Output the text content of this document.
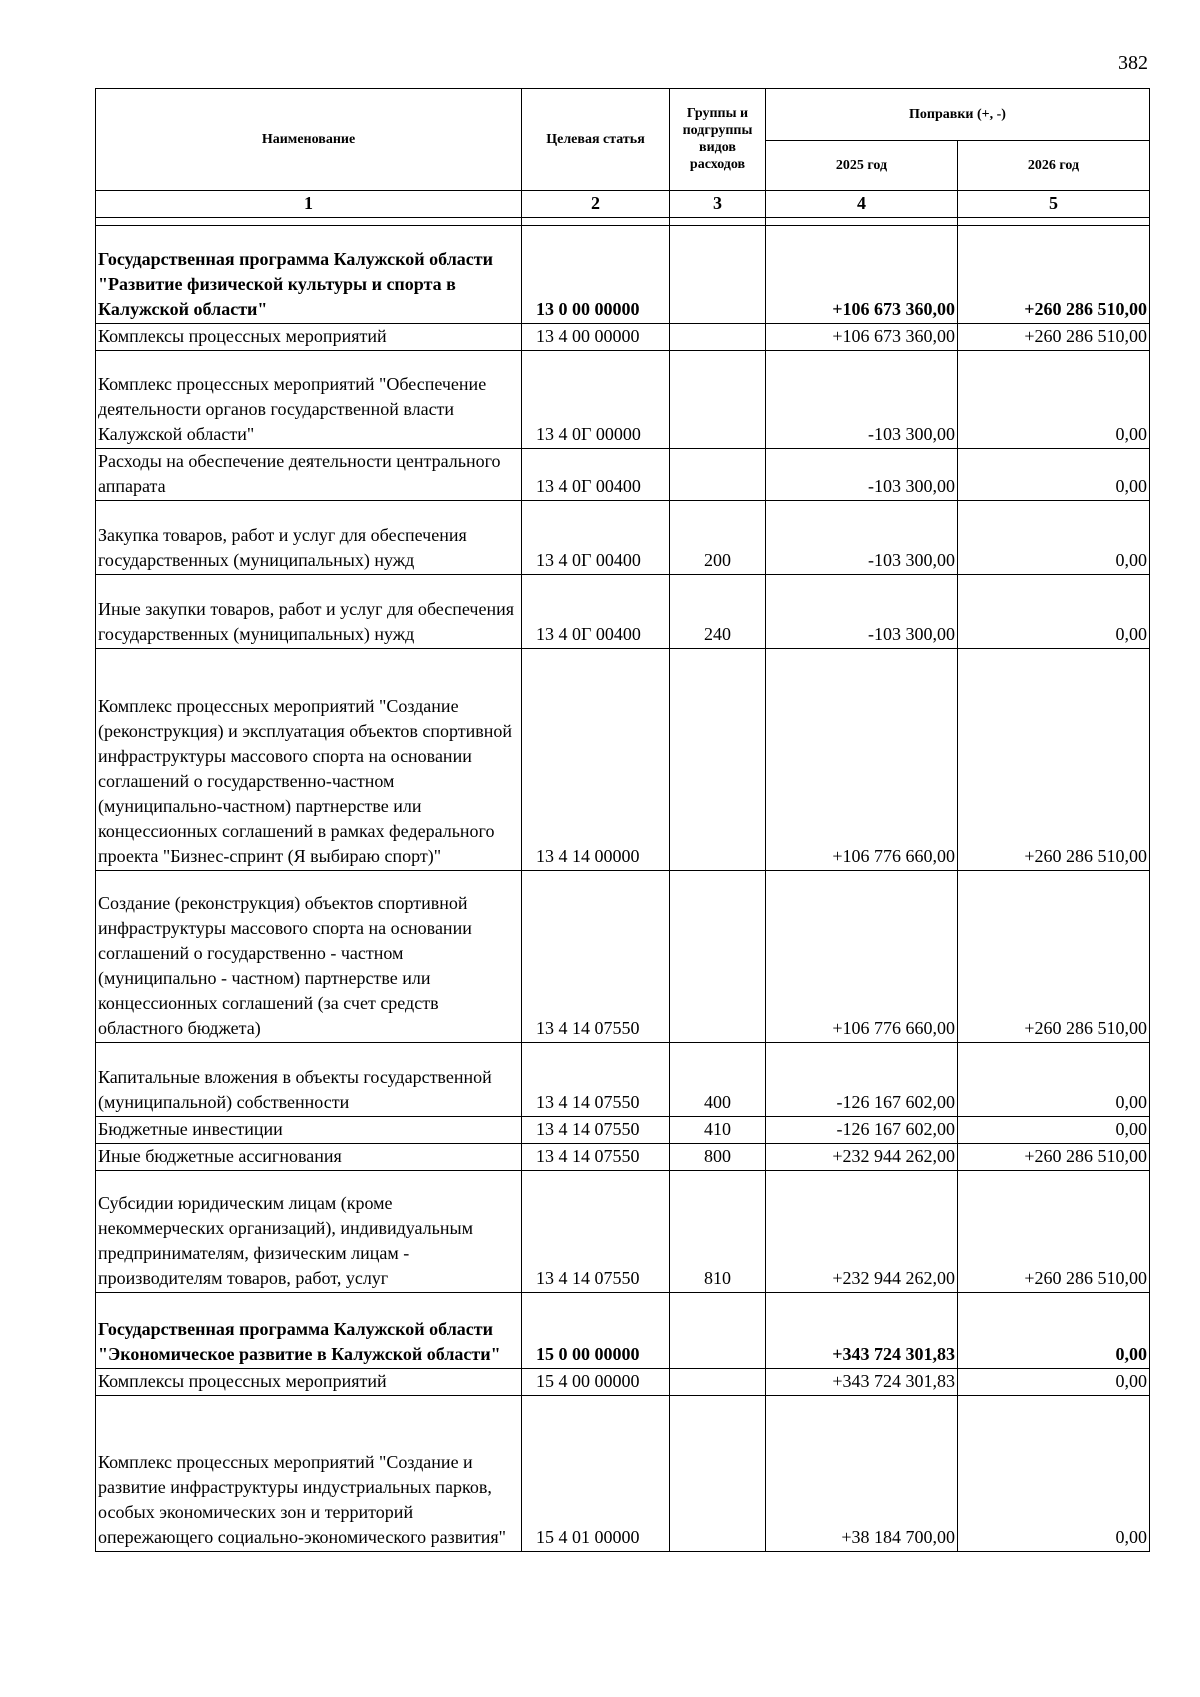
382
Наименование	Целевая статья	Группы и подгруппы видов расходов	Поправки (+, -)	
			2025 год	2026 год
1	2	3	4	5

Государственная программа Калужской области "Развитие физической культуры и спорта в Калужской области"	13 0 00 00000		+106 673 360,00	+260 286 510,00
Комплексы процессных мероприятий	13 4 00 00000		+106 673 360,00	+260 286 510,00
Комплекс процессных мероприятий "Обеспечение деятельности органов государственной власти Калужской области"	13 4 0Г 00000		-103 300,00	0,00
Расходы на обеспечение деятельности центрального аппарата	13 4 0Г 00400		-103 300,00	0,00
Закупка товаров, работ и услуг для обеспечения государственных (муниципальных) нужд	13 4 0Г 00400	200	-103 300,00	0,00
Иные закупки товаров, работ и услуг для обеспечения государственных (муниципальных) нужд	13 4 0Г 00400	240	-103 300,00	0,00
Комплекс процессных мероприятий "Создание (реконструкция) и эксплуатация объектов спортивной инфраструктуры массового спорта на основании соглашений о государственно-частном (муниципально-частном) партнерстве или концессионных соглашений в рамках федерального проекта "Бизнес-спринт (Я выбираю спорт)"	13 4 14 00000		+106 776 660,00	+260 286 510,00
Создание (реконструкция) объектов спортивной инфраструктуры массового спорта на основании соглашений о государственно - частном (муниципально - частном) партнерстве или концессионных соглашений (за счет средств областного бюджета)	13 4 14 07550		+106 776 660,00	+260 286 510,00
Капитальные вложения в объекты государственной (муниципальной) собственности	13 4 14 07550	400	-126 167 602,00	0,00
Бюджетные инвестиции	13 4 14 07550	410	-126 167 602,00	0,00
Иные бюджетные ассигнования	13 4 14 07550	800	+232 944 262,00	+260 286 510,00
Субсидии юридическим лицам (кроме некоммерческих организаций), индивидуальным предпринимателям, физическим лицам - производителям товаров, работ, услуг	13 4 14 07550	810	+232 944 262,00	+260 286 510,00
Государственная программа Калужской области "Экономическое развитие в Калужской области"	15 0 00 00000		+343 724 301,83	0,00
Комплексы процессных мероприятий	15 4 00 00000		+343 724 301,83	0,00
Комплекс процессных мероприятий "Создание и развитие инфраструктуры индустриальных парков, особых экономических зон и территорий опережающего социально-экономического развития"	15 4 01 00000		+38 184 700,00	0,00
